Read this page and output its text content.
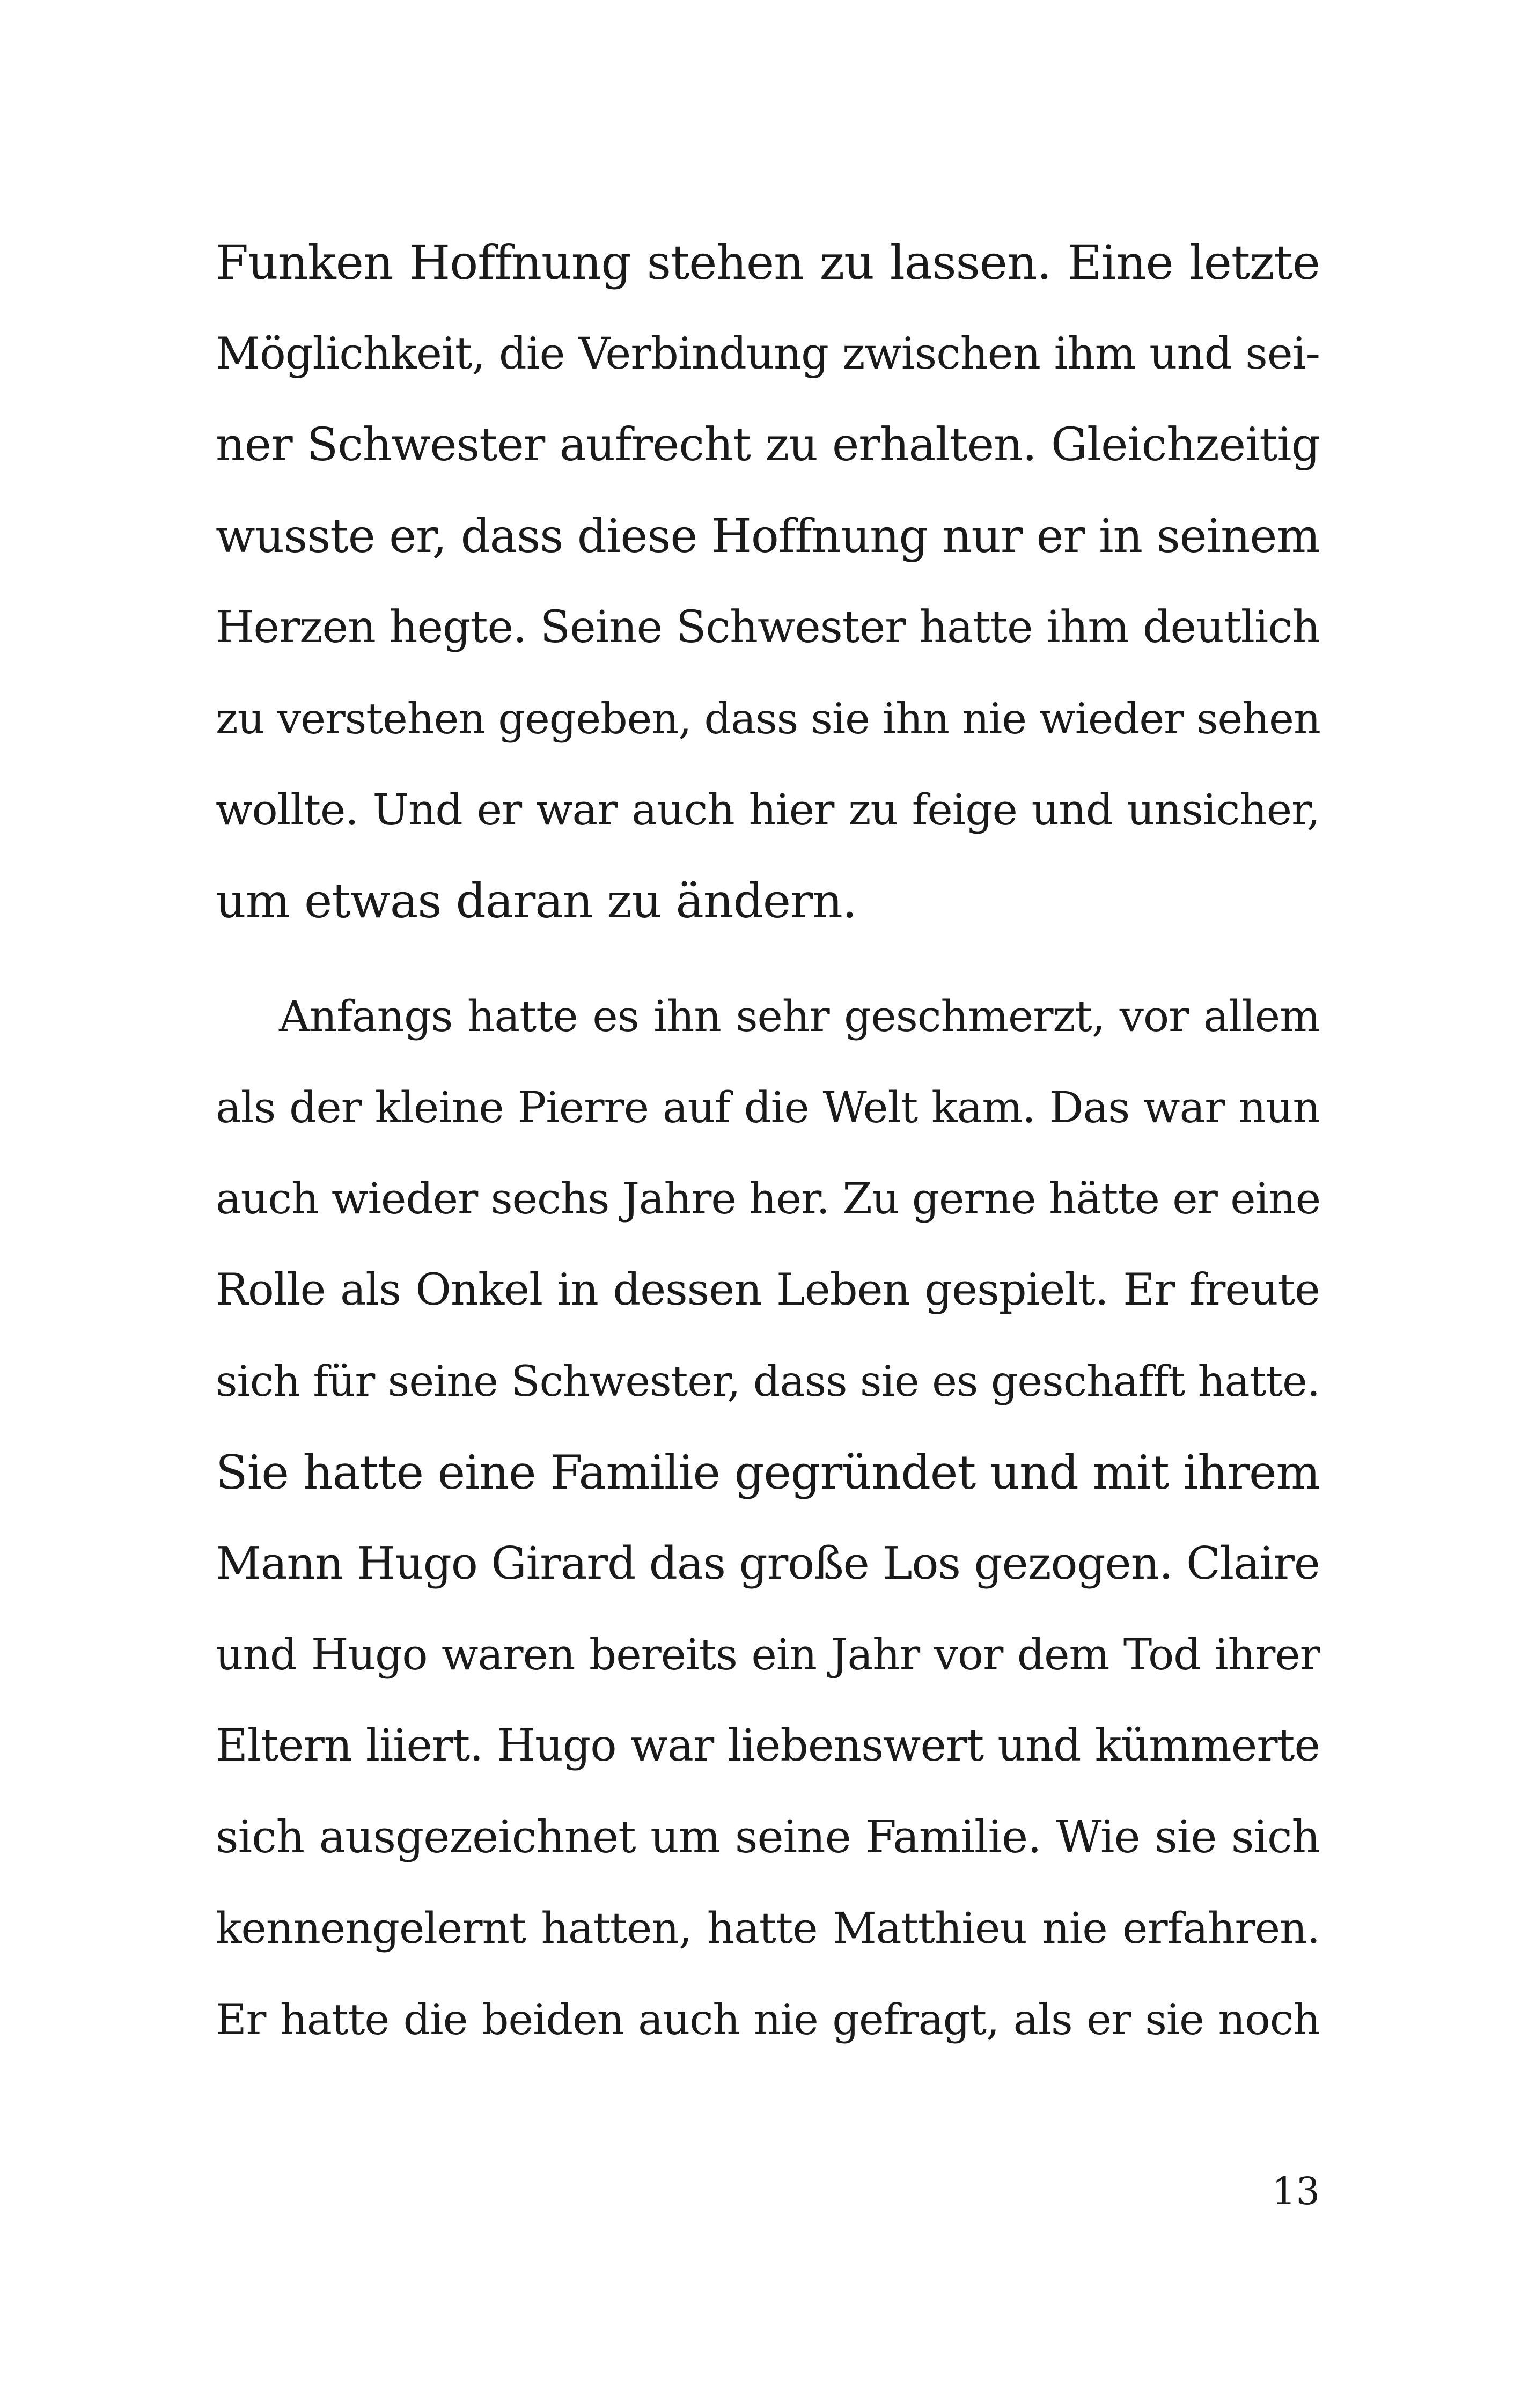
Funken Hoffnung stehen zu lassen. Eine letzte
Möglichkeit, die Verbindung zwischen ihm und sei-
ner Schwester aufrecht zu erhalten. Gleichzeitig
wusste er, dass diese Hoffnung nur er in seinem
Herzen hegte. Seine Schwester hatte ihm deutlich
zu verstehen gegeben, dass sie ihn nie wieder sehen
wollte. Und er war auch hier zu feige und unsicher,
um etwas daran zu ändern.
Anfangs hatte es ihn sehr geschmerzt, vor allem
als der kleine Pierre auf die Welt kam. Das war nun
auch wieder sechs Jahre her. Zu gerne hätte er eine
Rolle als Onkel in dessen Leben gespielt. Er freute
sich für seine Schwester, dass sie es geschafft hatte.
Sie hatte eine Familie gegründet und mit ihrem
Mann Hugo Girard das große Los gezogen. Claire
und Hugo waren bereits ein Jahr vor dem Tod ihrer
Eltern liiert. Hugo war liebenswert und kümmerte
sich ausgezeichnet um seine Familie. Wie sie sich
kennengelernt hatten, hatte Matthieu nie erfahren.
Er hatte die beiden auch nie gefragt, als er sie noch
13
